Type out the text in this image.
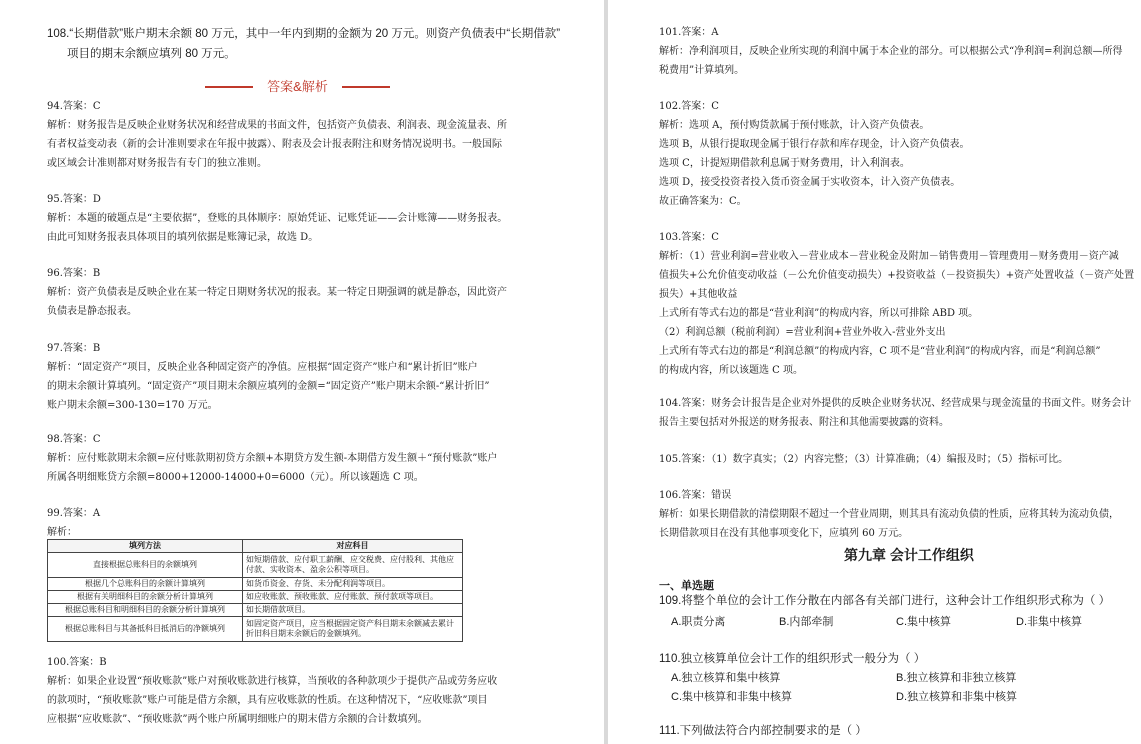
108.“长期借款”账户期末余额 80 万元，其中一年内到期的金额为 20 万元。则资产负债表中“长期借款”
项目的期末余额应填列 80 万元。
答案&解析
94.答案：C
解析：财务报告是反映企业财务状况和经营成果的书面文件，包括资产负债表、利润表、现金流量表、所
有者权益变动表（新的会计准则要求在年报中披露）、附表及会计报表附注和财务情况说明书。一般国际
或区域会计准则都对财务报告有专门的独立准则。
95.答案：D
解析：本题的破题点是“主要依据”，登账的具体顺序：原始凭证、记账凭证——会计账簿——财务报表。
由此可知财务报表具体项目的填列依据是账簿记录，故选 D。
96.答案：B
解析：资产负债表是反映企业在某一特定日期财务状况的报表。某一特定日期强调的就是静态，因此资产
负债表是静态报表。
97.答案：B
解析：“固定资产”项目，反映企业各种固定资产的净值。应根据“固定资产”账户和“累计折旧”账户
的期末余额计算填列。“固定资产”项目期末余额应填列的金额=“固定资产”账户期末余额-“累计折旧”
账户期末余额=300-130=170 万元。
98.答案：C
解析：应付账款期末余额=应付账款期初贷方余额+本期贷方发生额-本期借方发生额＋“预付账款”账户
所属各明细账贷方余额=8000+12000-14000+0=6000（元）。所以该题选 C 项。
99.答案：A
解析：
填列方法	对应科目
直接根据总账科目的余额填列	如短期借款、应付职工薪酬、应交税费、应付股利、其他应付款、实收资本、盈余公积等项目。
根据几个总账科目的余额计算填列	如货币资金、存货、未分配利润等项目。
根据有关明细科目的余额分析计算填列	如应收账款、预收账款、应付账款、预付款项等项目。
根据总账科目和明细科目的余额分析计算填列	如长期借款项目。
根据总账科目与其备抵科目抵消后的净额填列	如固定资产项目，应当根据固定资产科目期末余额减去累计折旧科目期末余额后的金额填列。
100.答案：B
解析：如果企业设置“预收账款”账户对预收账款进行核算，当预收的各种款项少于提供产品或劳务应收
的款项时，“预收账款”账户可能是借方余额，具有应收账款的性质。在这种情况下，“应收账款”项目
应根据“应收账款”、“预收账款”两个账户所属明细账户的期末借方余额的合计数填列。
101.答案：A
解析：净利润项目，反映企业所实现的利润中属于本企业的部分。可以根据公式“净利润=利润总额—所得
税费用”计算填列。
102.答案：C
解析：选项 A，预付购货款属于预付账款，计入资产负债表。
选项 B，从银行提取现金属于银行存款和库存现金，计入资产负债表。
选项 C，计提短期借款利息属于财务费用，计入利润表。
选项 D，接受投资者投入货币资金属于实收资本，计入资产负债表。
故正确答案为：C。
103.答案：C
解析：（1）营业利润=营业收入－营业成本－营业税金及附加－销售费用－管理费用－财务费用－资产减
值损失+公允价值变动收益（－公允价值变动损失）+投资收益（－投资损失）+资产处置收益（－资产处置
损失）+其他收益
上式所有等式右边的都是“营业利润”的构成内容，所以可排除 ABD 项。
（2）利润总额（税前利润）=营业利润+营业外收入-营业外支出
上式所有等式右边的都是“利润总额”的构成内容，C 项不是“营业利润”的构成内容，而是“利润总额”
的构成内容，所以该题选 C 项。
104.答案：财务会计报告是企业对外提供的反映企业财务状况、经营成果与现金流量的书面文件。财务会计
报告主要包括对外报送的财务报表、附注和其他需要披露的资料。
105.答案：（1）数字真实；（2）内容完整；（3）计算准确；（4）编报及时；（5）指标可比。
106.答案：错误
解析：如果长期借款的清偿期限不超过一个营业周期，则其具有流动负债的性质，应将其转为流动负债，
长期借款项目在没有其他事项变化下，应填列 60 万元。
第九章 会计工作组织
一、单选题
109.将整个单位的会计工作分散在内部各有关部门进行，这种会计工作组织形式称为（ ）
A.职责分离	B.内部牵制	C.集中核算	D.非集中核算
110.独立核算单位会计工作的组织形式一般分为（ ）
A.独立核算和集中核算	B.独立核算和非独立核算
C.集中核算和非集中核算	D.独立核算和非集中核算
111.下列做法符合内部控制要求的是（ ）
